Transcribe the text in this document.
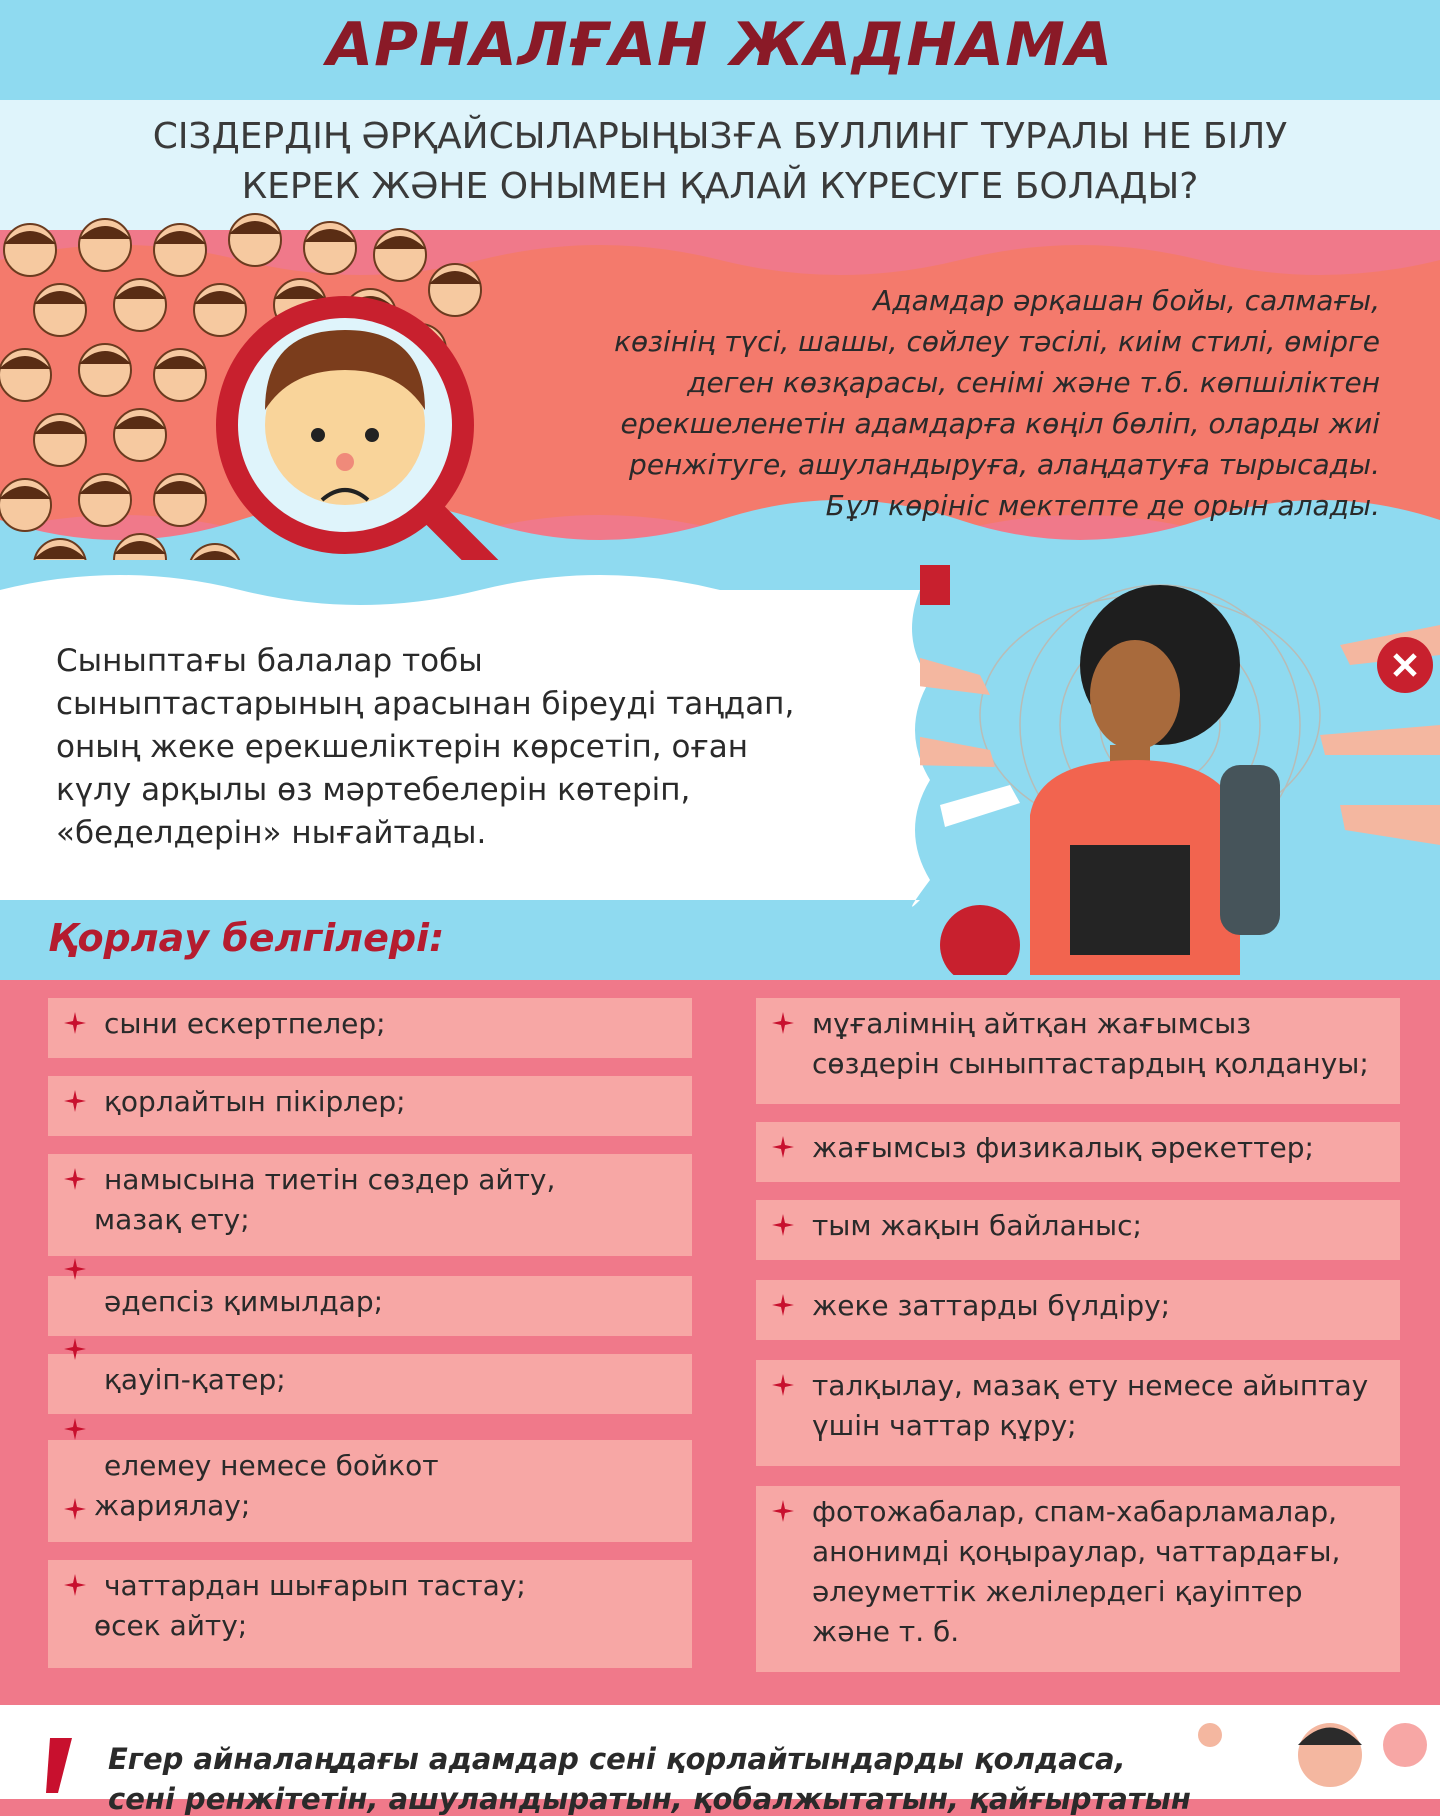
АРНАЛҒАН ЖАДНАМА
СІЗДЕРДІҢ ӘРҚАЙСЫЛАРЫҢЫЗҒА БУЛЛИНГ ТУРАЛЫ НЕ БІЛУ
КЕРЕК ЖӘНЕ ОНЫМЕН ҚАЛАЙ КҮРЕСУГЕ БОЛАДЫ?
Адамдар әрқашан бойы, салмағы,
көзінің түсі, шашы, сөйлеу тәсілі, киім стилі, өмірге
деген көзқарасы, сенімі және т.б. көпшіліктен
ерекшеленетін адамдарға көңіл бөліп, оларды жиі
ренжітуге, ашуландыруға, алаңдатуға тырысады.
Бұл көрініс мектепте де орын алады.
Сыныптағы балалар тобы
сыныптастарының арасынан біреуді таңдап,
оның жеке ерекшеліктерін көрсетіп, оған
күлу арқылы өз мәртебелерін көтеріп,
«беделдерін» нығайтады.
Қорлау белгілері:
сыни ескертпелер;
қорлайтын пікірлер;
намысына тиетін сөздер айту,
мазақ ету;
әдепсіз қимылдар;
қауіп-қатер;
елемеу немесе бойкот
жариялау;
чаттардан шығарып тастау;
өсек айту;
мұғалімнің айтқан жағымсыз
сөздерін сыныптастардың қолдануы;
жағымсыз физикалық әрекеттер;
тым жақын байланыс;
жеке заттарды бүлдіру;
талқылау, мазақ ету немесе айыптау
үшін чаттар құру;
фотожабалар, спам-хабарламалар,
анонимді қоңыраулар, чаттардағы,
әлеуметтік желілердегі қауіптер
және т. б.
Егер айналаңдағы адамдар сені қорлайтындарды қолдаса,
сені ренжітетін, ашуландыратын, қобалжытатын, қайғыртатын
